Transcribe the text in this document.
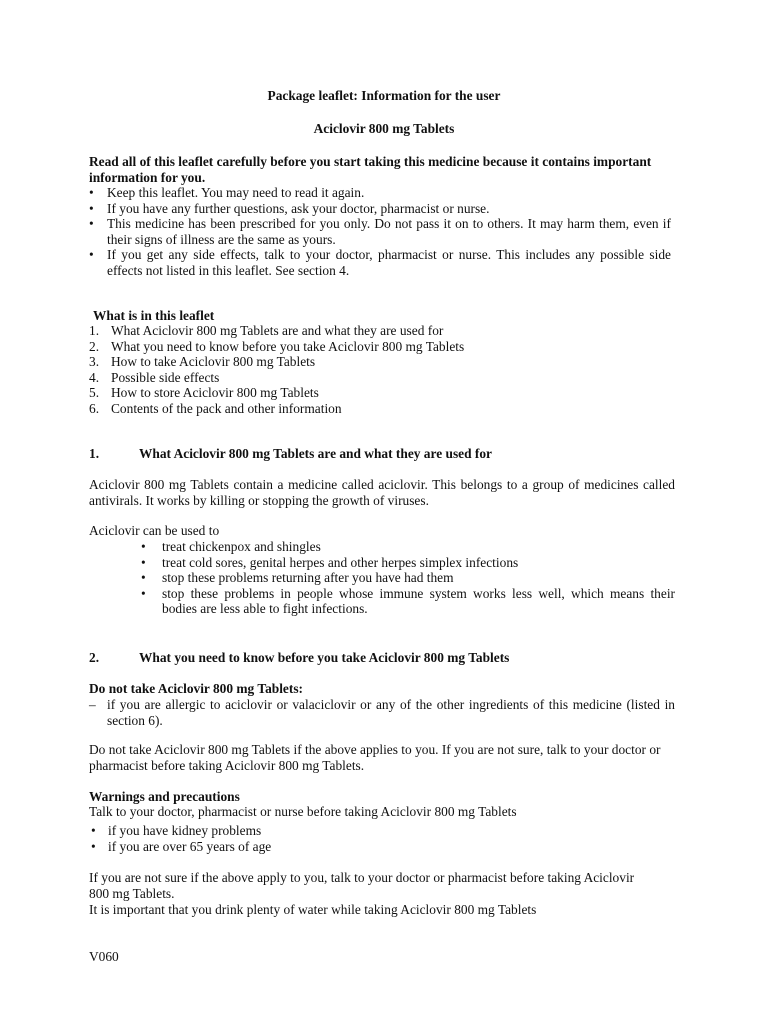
Package leaflet: Information for the user
Aciclovir 800 mg Tablets
Read all of this leaflet carefully before you start taking this medicine because it contains important information for you.
• Keep this leaflet. You may need to read it again.
• If you have any further questions, ask your doctor, pharmacist or nurse.
• This medicine has been prescribed for you only. Do not pass it on to others. It may harm them, even if their signs of illness are the same as yours.
• If you get any side effects, talk to your doctor, pharmacist or nurse. This includes any possible side effects not listed in this leaflet. See section 4.
What is in this leaflet
1. What Aciclovir 800 mg Tablets are and what they are used for
2. What you need to know before you take Aciclovir 800 mg Tablets
3. How to take Aciclovir 800 mg Tablets
4. Possible side effects
5. How to store Aciclovir 800 mg Tablets
6. Contents of the pack and other information
1.	What Aciclovir 800 mg Tablets are and what they are used for
Aciclovir 800 mg Tablets contain a medicine called aciclovir. This belongs to a group of medicines called antivirals. It works by killing or stopping the growth of viruses.
Aciclovir can be used to
• treat chickenpox and shingles
• treat cold sores, genital herpes and other herpes simplex infections
• stop these problems returning after you have had them
• stop these problems in people whose immune system works less well, which means their bodies are less able to fight infections.
2.	What you need to know before you take Aciclovir 800 mg Tablets
Do not take Aciclovir 800 mg Tablets:
– if you are allergic to aciclovir or valaciclovir or any of the other ingredients of this medicine (listed in section 6).
Do not take Aciclovir 800 mg Tablets if the above applies to you. If you are not sure, talk to your doctor or pharmacist before taking Aciclovir 800 mg Tablets.
Warnings and precautions
Talk to your doctor, pharmacist or nurse before taking Aciclovir 800 mg Tablets
• if you have kidney problems
• if you are over 65 years of age
If you are not sure if the above apply to you, talk to your doctor or pharmacist before taking Aciclovir 800 mg Tablets.
It is important that you drink plenty of water while taking Aciclovir 800 mg Tablets
V060
